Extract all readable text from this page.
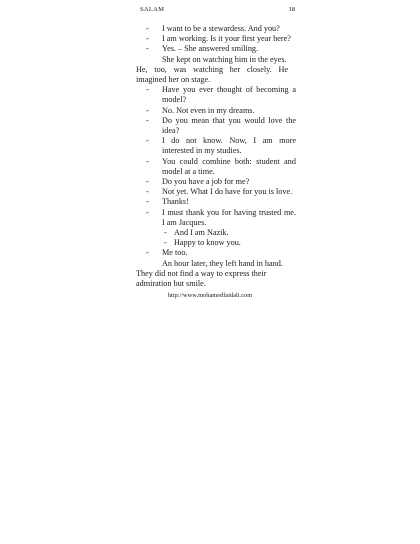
SALAM	18
- I want to be a stewardess. And you?
- I am working. Is it your first year here?
- Yes. – She answered smiling.
She kept on watching him in the eyes.
He, too, was watching her closely. He imagined her on stage.
- Have you ever thought of becoming a model?
- No. Not even in my dreams.
- Do you mean that you would love the idea?
- I do not know. Now, I am more interested in my studies.
- You could combine both: student and model at a time.
- Do you have a job for me?
- Not yet. What I do have for you is love.
- Thanks!
- I must thank you for having trusted me. I am Jacques.
- And I am Nazik.
- Happy to know you.
- Me too.
An hour later, they left hand in hand.
They did not find a way to express their admiration but smile.
http://www.mohamedfaidali.com
